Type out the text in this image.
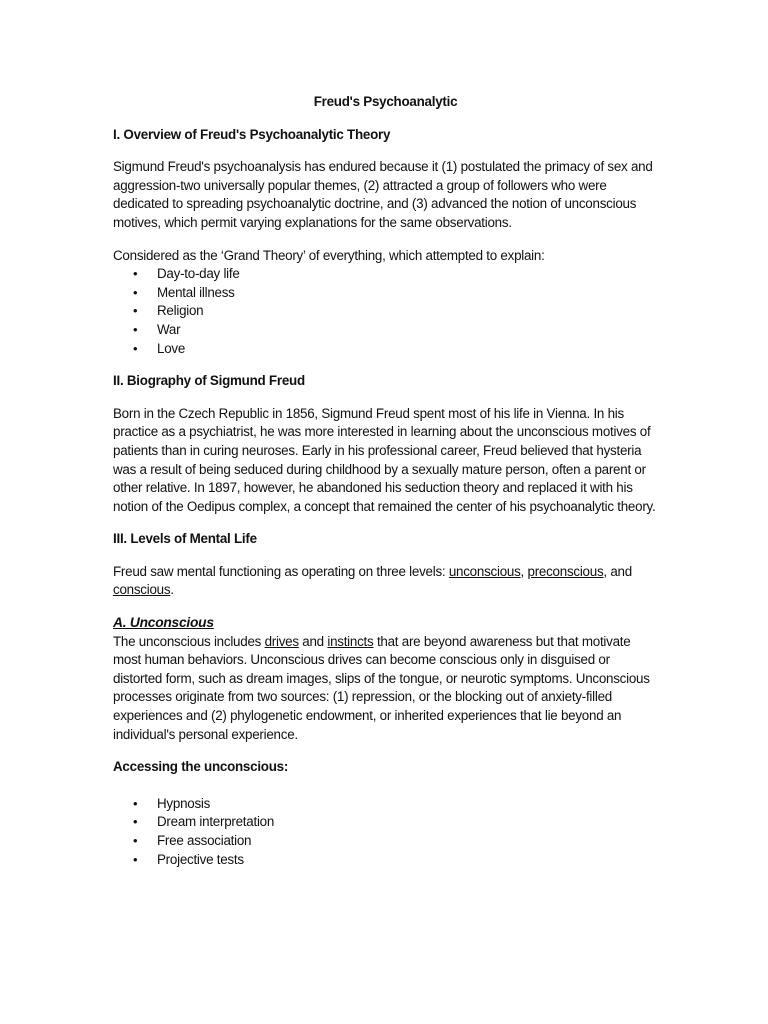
Freud's Psychoanalytic
I. Overview of Freud's Psychoanalytic Theory

Sigmund Freud's psychoanalysis has endured because it (1) postulated the primacy of sex and aggression-two universally popular themes, (2) attracted a group of followers who were dedicated to spreading psychoanalytic doctrine, and (3) advanced the notion of unconscious motives, which permit varying explanations for the same observations.

Considered as the ‘Grand Theory’ of everything, which attempted to explain:

• Day-to-day life
• Mental illness
• Religion
• War
• Love
II. Biography of Sigmund Freud

Born in the Czech Republic in 1856, Sigmund Freud spent most of his life in Vienna. In his practice as a psychiatrist, he was more interested in learning about the unconscious motives of patients than in curing neuroses. Early in his professional career, Freud believed that hysteria was a result of being seduced during childhood by a sexually mature person, often a parent or other relative. In 1897, however, he abandoned his seduction theory and replaced it with his notion of the Oedipus complex, a concept that remained the center of his psychoanalytic theory.

III. Levels of Mental Life

Freud saw mental functioning as operating on three levels: unconscious, preconscious, and conscious.

A. Unconscious

The unconscious includes drives and instincts that are beyond awareness but that motivate most human behaviors. Unconscious drives can become conscious only in disguised or distorted form, such as dream images, slips of the tongue, or neurotic symptoms. Unconscious processes originate from two sources: (1) repression, or the blocking out of anxiety-filled experiences and (2) phylogenetic endowment, or inherited experiences that lie beyond an individual's personal experience.

Accessing the unconscious:
• Hypnosis
• Dream interpretation
• Free association
• Projective tests
